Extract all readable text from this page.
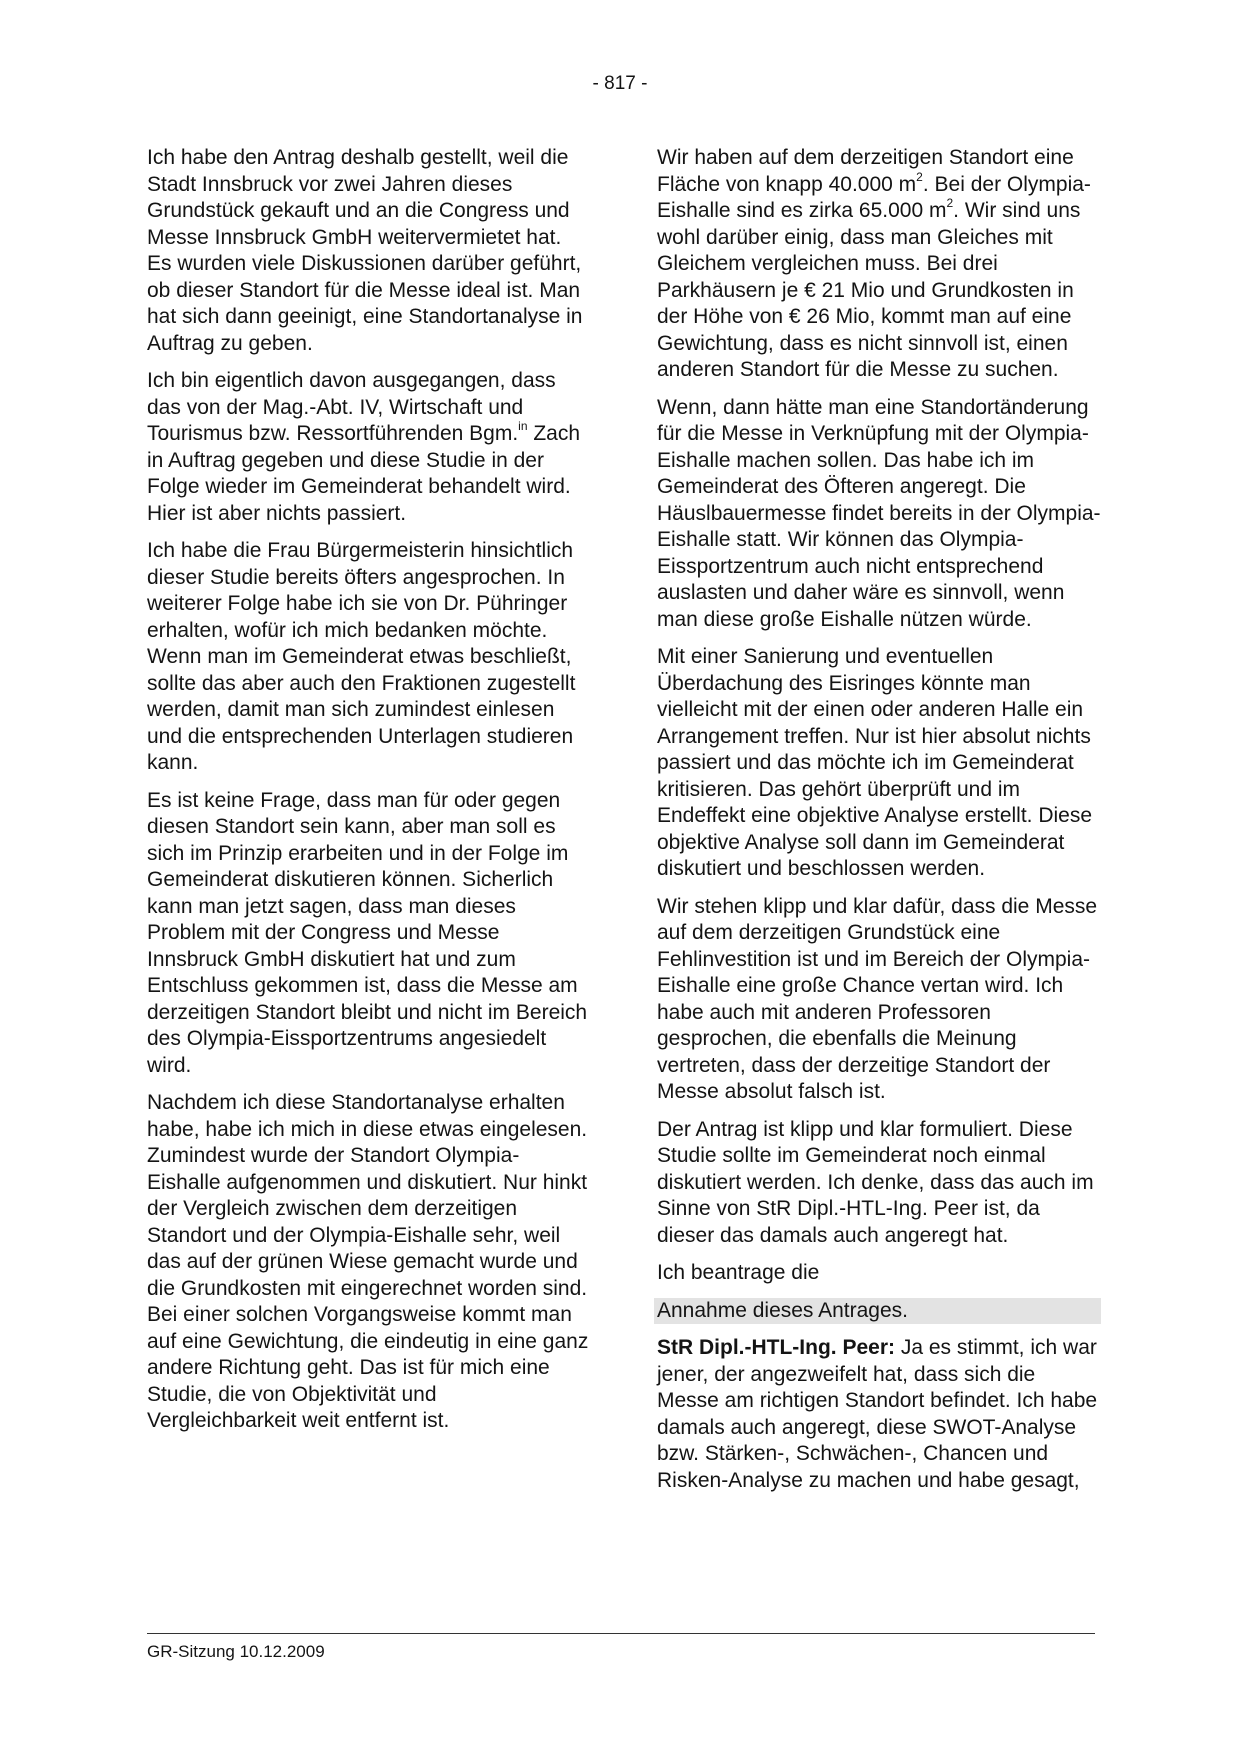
- 817 -

Ich habe den Antrag deshalb gestellt, weil die Stadt Innsbruck vor zwei Jahren dieses Grundstück gekauft und an die Congress und Messe Innsbruck GmbH weitervermietet hat. Es wurden viele Diskussionen darüber geführt, ob dieser Standort für die Messe ideal ist. Man hat sich dann geeinigt, eine Standortanalyse in Auftrag zu geben.

Ich bin eigentlich davon ausgegangen, dass das von der Mag.-Abt. IV, Wirtschaft und Tourismus bzw. Ressortführenden Bgm.$^{in}$ Zach in Auftrag gegeben und diese Studie in der Folge wieder im Gemeinderat behandelt wird. Hier ist aber nichts passiert.

Ich habe die Frau Bürgermeisterin hinsichtlich dieser Studie bereits öfters angesprochen. In weiterer Folge habe ich sie von Dr. Pühringer erhalten, wofür ich mich bedanken möchte. Wenn man im Gemeinderat etwas beschließt, sollte das aber auch den Fraktionen zugestellt werden, damit man sich zumindest einlesen und die entsprechenden Unterlagen studieren kann.

Es ist keine Frage, dass man für oder gegen diesen Standort sein kann, aber man soll es sich im Prinzip erarbeiten und in der Folge im Gemeinderat diskutieren können. Sicherlich kann man jetzt sagen, dass man dieses Problem mit der Congress und Messe Innsbruck GmbH diskutiert hat und zum Entschluss gekommen ist, dass die Messe am derzeitigen Standort bleibt und nicht im Bereich des Olympia-Eissportzentrums angesiedelt wird.

Nachdem ich diese Standortanalyse erhalten habe, habe ich mich in diese etwas eingelesen. Zumindest wurde der Standort Olympia-Eishalle aufgenommen und diskutiert. Nur hinkt der Vergleich zwischen dem derzeitigen Standort und der Olympia-Eishalle sehr, weil das auf der grünen Wiese gemacht wurde und die Grundkosten mit eingerechnet worden sind. Bei einer solchen Vorgangsweise kommt man auf eine Gewichtung, die eindeutig in eine ganz andere Richtung geht. Das ist für mich eine Studie, die von Objektivität und Vergleichbarkeit weit entfernt ist.

Wir haben auf dem derzeitigen Standort eine Fläche von knapp 40.000 $m^2$. Bei der Olympia-Eishalle sind es zirka 65.000 $m^2$. Wir sind uns wohl darüber einig, dass man Gleiches mit Gleichem vergleichen muss. Bei drei Parkhäusern je € 21 Mio und Grundkosten in der Höhe von € 26 Mio, kommt man auf eine Gewichtung, dass es nicht sinnvoll ist, einen anderen Standort für die Messe zu suchen.

Wenn, dann hätte man eine Standortänderung für die Messe in Verknüpfung mit der Olympia-Eishalle machen sollen. Das habe ich im Gemeinderat des Öfteren angeregt. Die Häuslbauermesse findet bereits in der Olympia-Eishalle statt. Wir können das Olympia-Eissportzentrum auch nicht entsprechend auslasten und daher wäre es sinnvoll, wenn man diese große Eishalle nützen würde.

Mit einer Sanierung und eventuellen Überdachung des Eisringes könnte man vielleicht mit der einen oder anderen Halle ein Arrangement treffen. Nur ist hier absolut nichts passiert und das möchte ich im Gemeinderat kritisieren. Das gehört überprüft und im Endeffekt eine objektive Analyse erstellt. Diese objektive Analyse soll dann im Gemeinderat diskutiert und beschlossen werden.

Wir stehen klipp und klar dafür, dass die Messe auf dem derzeitigen Grundstück eine Fehlinvestition ist und im Bereich der Olympia-Eishalle eine große Chance vertan wird. Ich habe auch mit anderen Professoren gesprochen, die ebenfalls die Meinung vertreten, dass der derzeitige Standort der Messe absolut falsch ist.

Der Antrag ist klipp und klar formuliert. Diese Studie sollte im Gemeinderat noch einmal diskutiert werden. Ich denke, dass das auch im Sinne von StR Dipl.-HTL-Ing. Peer ist, da dieser das damals auch angeregt hat.

Ich beantrage die

Annahme dieses Antrages.

StR Dipl.-HTL-Ing. Peer: Ja es stimmt, ich war jener, der angezweifelt hat, dass sich die Messe am richtigen Standort befindet. Ich habe damals auch angeregt, diese SWOT-Analyse bzw. Stärken-, Schwächen-, Chancen und Risken-Analyse zu machen und habe gesagt,

GR-Sitzung 10.12.2009
